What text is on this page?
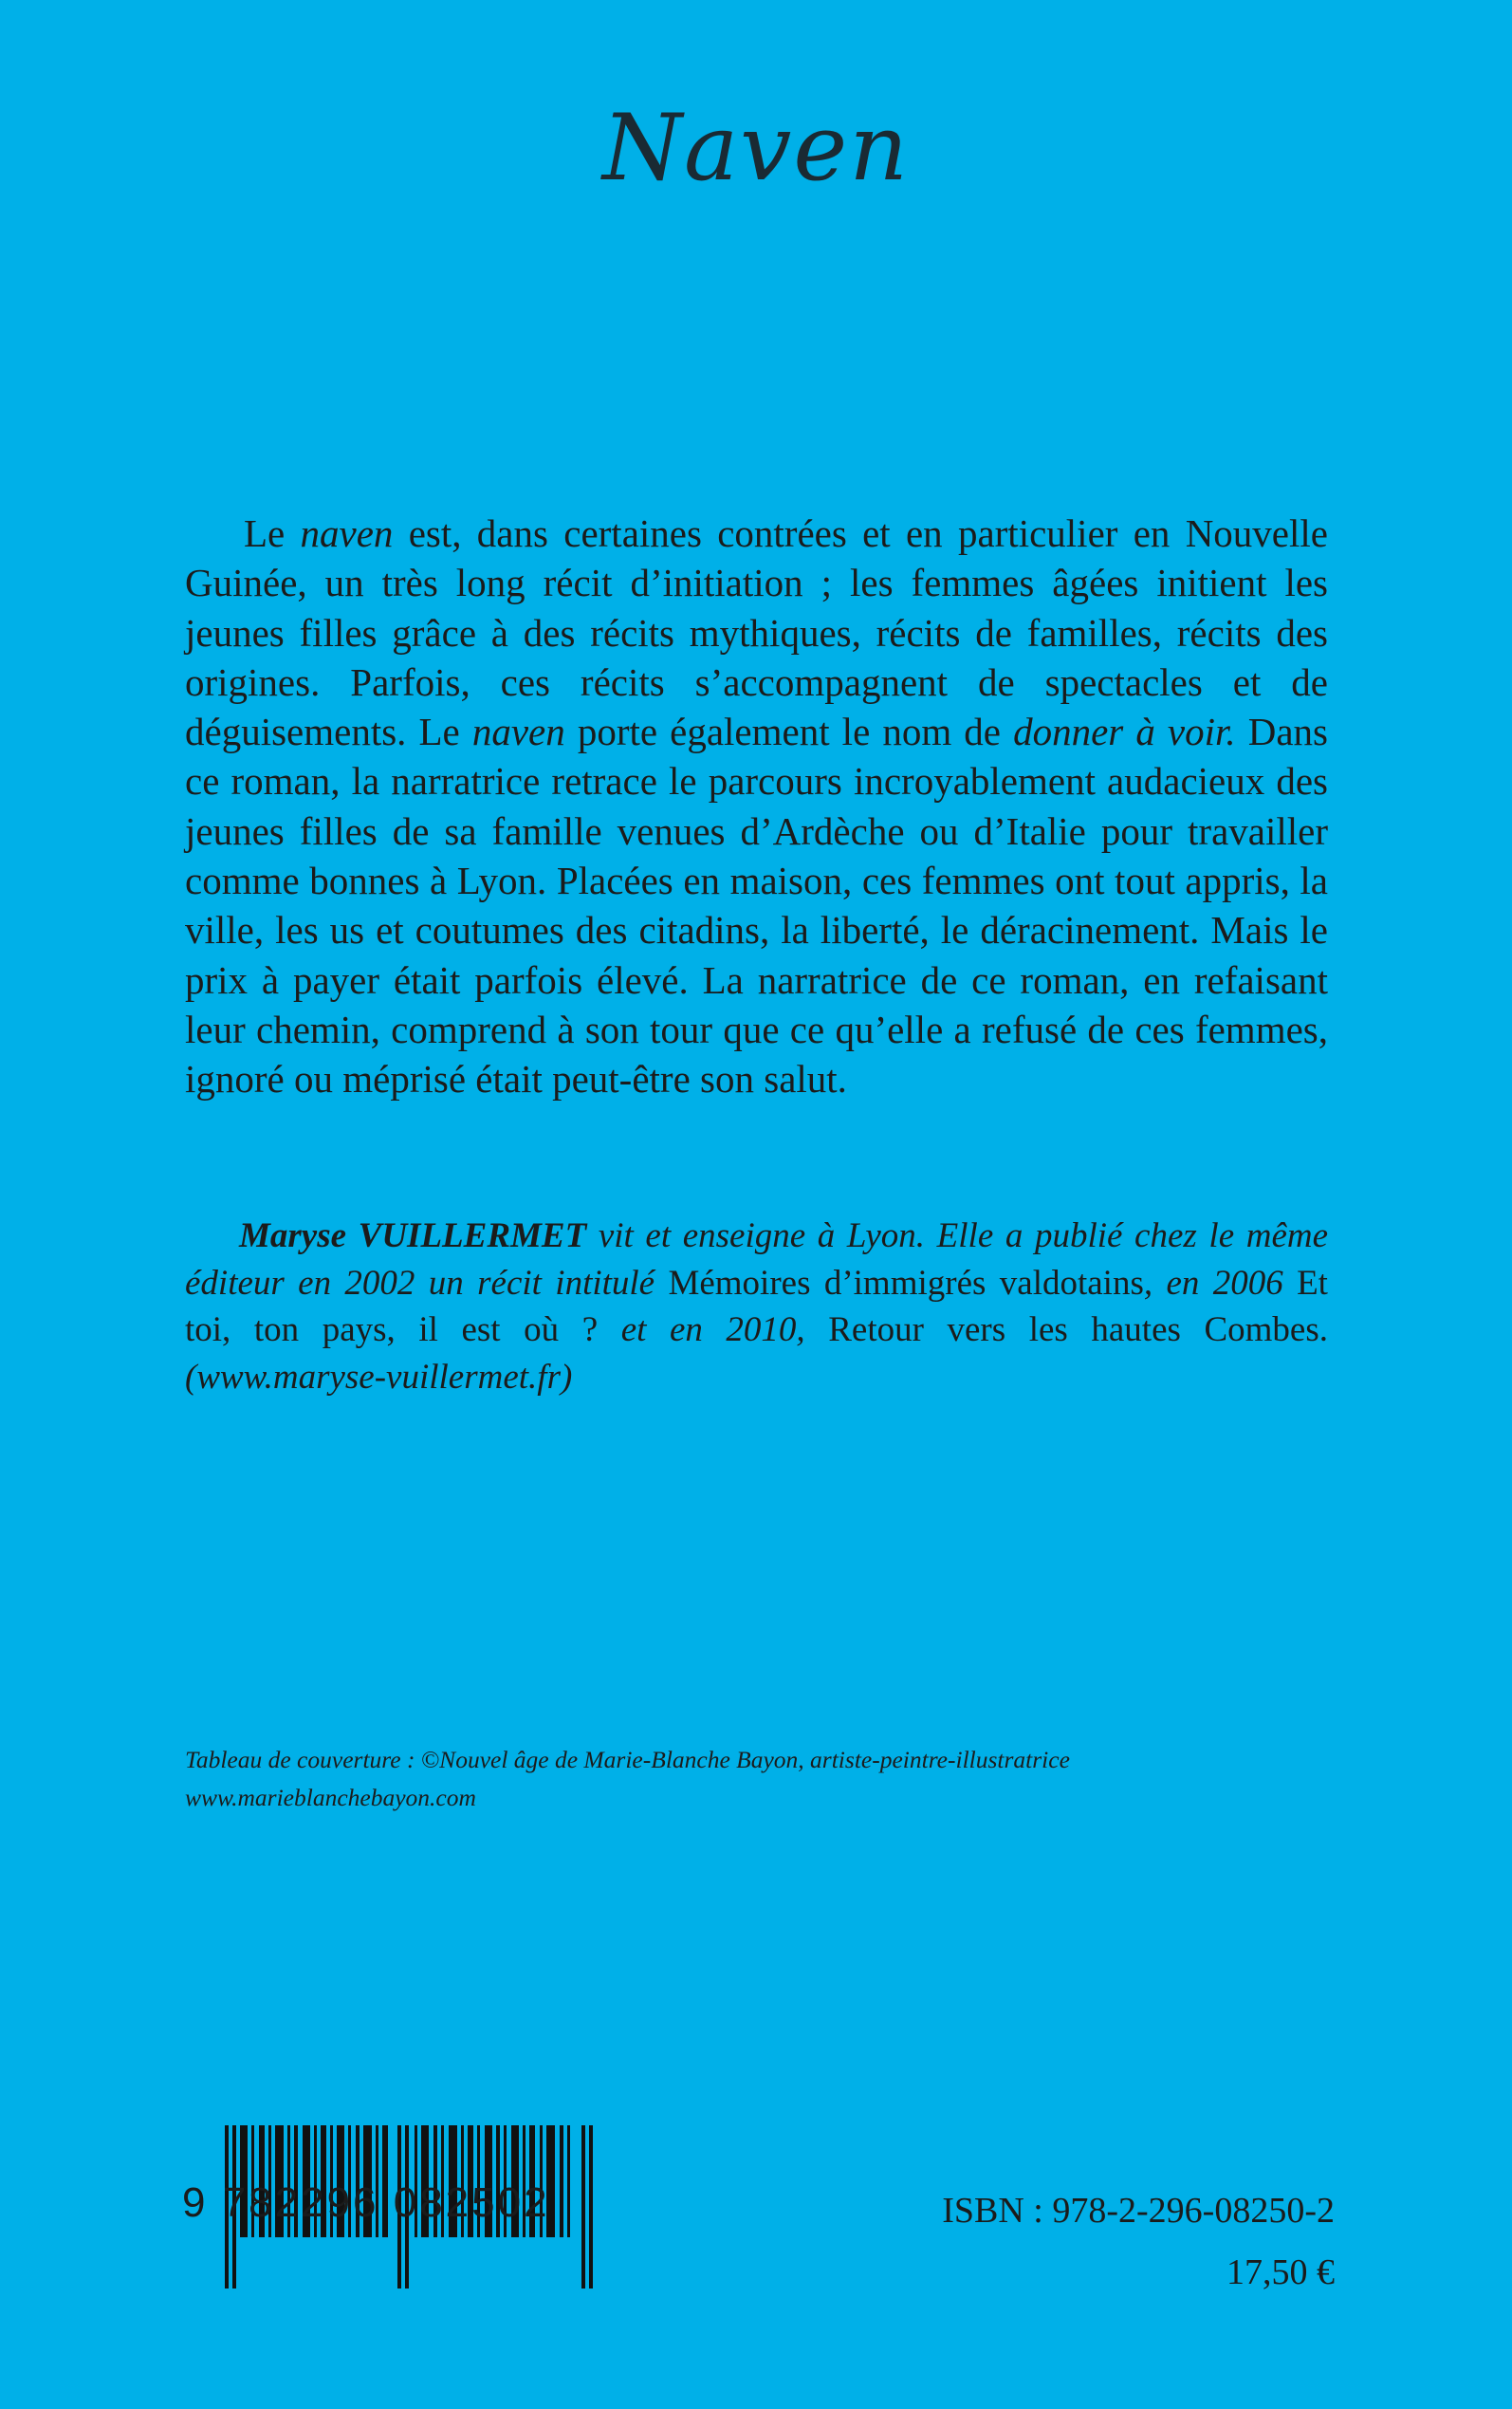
Naven

Le naven est, dans certaines contrées et en particulier en Nouvelle Guinée, un très long récit d’initiation ; les femmes âgées initient les jeunes filles grâce à des récits mythiques, récits de familles, récits des origines. Parfois, ces récits s’accompagnent de spectacles et de déguisements. Le naven porte également le nom de donner à voir. Dans ce roman, la narratrice retrace le parcours incroyablement audacieux des jeunes filles de sa famille venues d’Ardèche ou d’Italie pour travailler comme bonnes à Lyon. Placées en maison, ces femmes ont tout appris, la ville, les us et coutumes des citadins, la liberté, le déracinement. Mais le prix à payer était parfois élevé. La narratrice de ce roman, en refaisant leur chemin, comprend à son tour que ce qu’elle a refusé de ces femmes, ignoré ou méprisé était peut-être son salut.

Maryse VUILLERMET vit et enseigne à Lyon. Elle a publié chez le même éditeur en 2002 un récit intitulé Mémoires d’immigrés valdotains, en 2006 Et toi, ton pays, il est où ? et en 2010, Retour vers les hautes Combes. (www.maryse-vuillermet.fr)

Tableau de couverture : ©Nouvel âge de Marie-Blanche Bayon, artiste-peintre-illustratrice
www.marieblanchebayon.com

9 782296 082502	ISBN : 978-2-296-08250-2
17,50 €
